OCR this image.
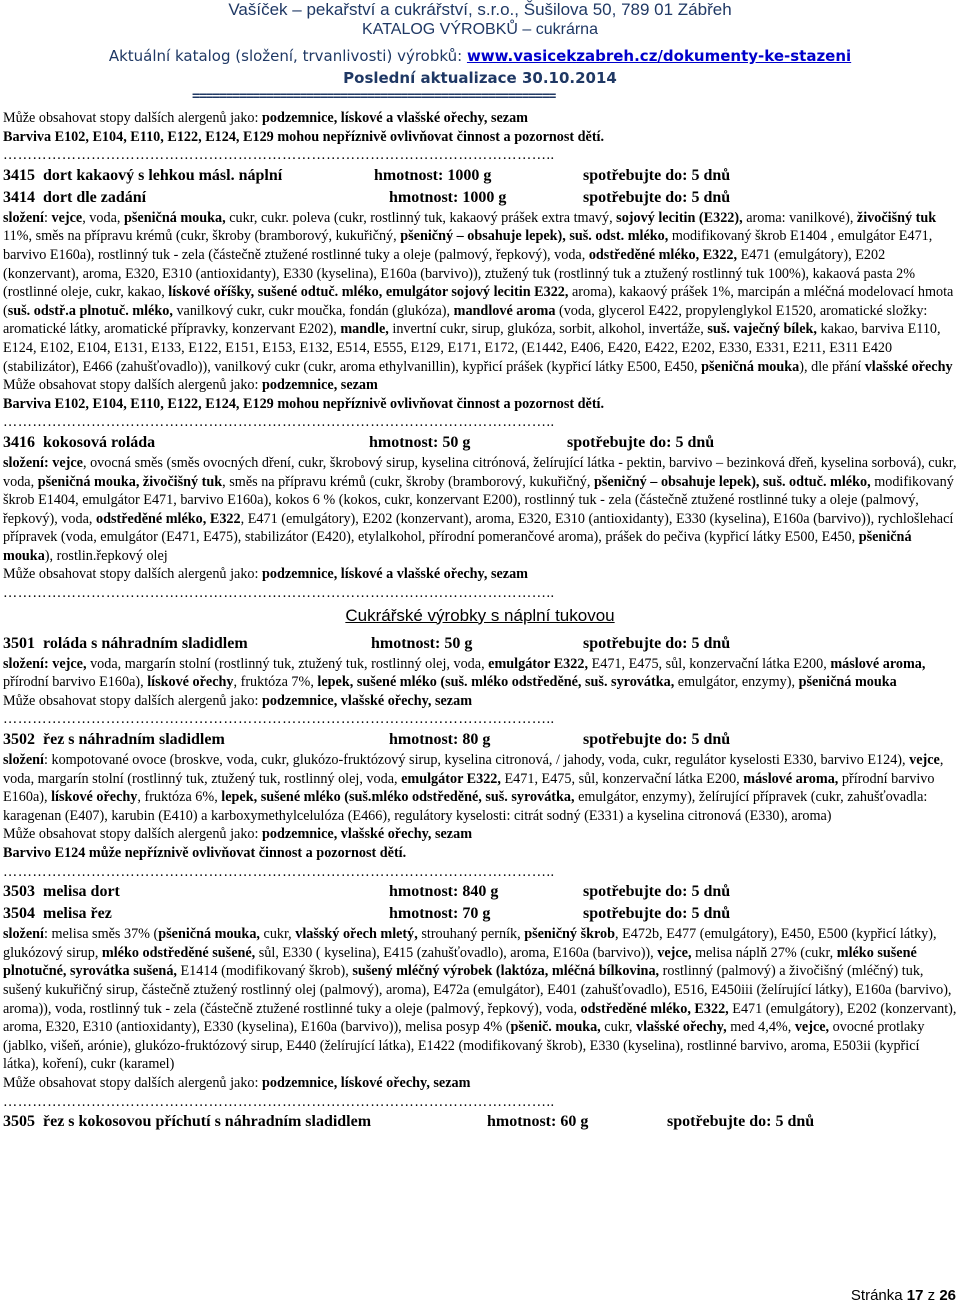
Vašíček – pekařství a cukrářství, s.r.o., Šušilova 50, 789 01 Zábřeh
KATALOG VÝROBKŮ – cukrárna
Aktuální katalog (složení, trvanlivosti) výrobků: www.vasicekzabreh.cz/dokumenty-ke-stazeni
Poslední aktualizace 30.10.2014
======================================================

Může obsahovat stopy dalších alergenů jako: podzemnice, lískové a vlašské ořechy, sezam

Barviva E102, E104, E110, E122, E124, E129 mohou nepříznivě ovlivňovat činnost a pozornost dětí.

…………………………………………………………………………………………………..
3415 dort kakaový s lehkou másl. náplní	hmotnost: 1000 g	spotřebujte do: 5 dnů
3414 dort dle zadání	hmotnost: 1000 g	spotřebujte do: 5 dnů

složení: vejce, voda, pšeničná mouka, cukr, cukr. poleva (cukr, rostlinný tuk, kakaový prášek extra tmavý, sojový lecitin (E322), aroma: vanilkové), živočišný tuk 11%, směs na přípravu krémů (cukr, škroby (bramborový, kukuřičný, pšeničný – obsahuje lepek), suš. odst. mléko, modifikovaný škrob E1404 , emulgátor E471, barvivo E160a), rostlinný tuk - zela (částečně ztužené rostlinné tuky a oleje (palmový, řepkový), voda, odstředěné mléko, E322, E471 (emulgátory), E202 (konzervant), aroma, E320, E310 (antioxidanty), E330 (kyselina), E160a (barvivo)), ztužený tuk (rostlinný tuk a ztužený rostlinný tuk 100%), kakaová pasta 2% (rostlinné oleje, cukr, kakao, lískové oříšky, sušené odtuč. mléko, emulgátor sojový lecitin E322, aroma), kakaový prášek 1%, marcipán a mléčná modelovací hmota (suš. odstř.a plnotuč. mléko, vanilkový cukr, cukr moučka, fondán (glukóza), mandlové aroma (voda, glycerol E422, propylenglykol E1520, aromatické složky: aromatické látky, aromatické přípravky, konzervant E202), mandle, invertní cukr, sirup, glukóza, sorbit, alkohol, invertáže, suš. vaječný bílek, kakao, barviva E110, E124, E102, E104, E131, E133, E122, E151, E153, E132, E514, E555, E129, E171, E172, (E1442, E406, E420, E422, E202, E330, E331, E211, E311 E420 (stabilizátor), E466 (zahušťovadlo)), vanilkový cukr (cukr, aroma ethylvanillin), kypřicí prášek (kypřicí látky E500, E450, pšeničná mouka), dle přání vlašské ořechy

Může obsahovat stopy dalších alergenů jako: podzemnice, sezam

Barviva E102, E104, E110, E122, E124, E129 mohou nepříznivě ovlivňovat činnost a pozornost dětí.

…………………………………………………………………………………………………..
3416 kokosová roláda	hmotnost: 50 g	spotřebujte do: 5 dnů

složení: vejce, ovocná směs (směs ovocných dření, cukr, škrobový sirup, kyselina citrónová, želírující látka - pektin, barvivo – bezinková dřeň, kyselina sorbová), cukr, voda, pšeničná mouka, živočišný tuk, směs na přípravu krémů (cukr, škroby (bramborový, kukuřičný, pšeničný – obsahuje lepek), suš. odtuč. mléko, modifikovaný škrob E1404, emulgátor E471, barvivo E160a), kokos 6 % (kokos, cukr, konzervant E200), rostlinný tuk - zela (částečně ztužené rostlinné tuky a oleje (palmový, řepkový), voda, odstředěné mléko, E322, E471 (emulgátory), E202 (konzervant), aroma, E320, E310 (antioxidanty), E330 (kyselina), E160a (barvivo)), rychlošlehací přípravek (voda, emulgátor (E471, E475), stabilizátor (E420), etylalkohol, přírodní pomerančové aroma), prášek do pečiva (kypřicí látky E500, E450, pšeničná mouka), rostlin.řepkový olej

Může obsahovat stopy dalších alergenů jako: podzemnice, lískové a vlašské ořechy, sezam

…………………………………………………………………………………………………..
Cukrářské výrobky s náplní tukovou
3501 roláda s náhradním sladidlem	hmotnost: 50 g	spotřebujte do: 5 dnů

složení: vejce, voda, margarín stolní (rostlinný tuk, ztužený tuk, rostlinný olej, voda, emulgátor E322, E471, E475, sůl, konzervační látka E200, máslové aroma, přírodní barvivo E160a), lískové ořechy, fruktóza 7%, lepek, sušené mléko (suš. mléko odstředěné, suš. syrovátka, emulgátor, enzymy), pšeničná mouka

Může obsahovat stopy dalších alergenů jako: podzemnice, vlašské ořechy, sezam

…………………………………………………………………………………………………..
3502 řez s náhradním sladidlem	hmotnost: 80 g	spotřebujte do: 5 dnů

složení: kompotované ovoce (broskve, voda, cukr, glukózo-fruktózový sirup, kyselina citronová, / jahody, voda, cukr, regulátor kyselosti E330, barvivo E124), vejce, voda, margarín stolní (rostlinný tuk, ztužený tuk, rostlinný olej, voda, emulgátor E322, E471, E475, sůl, konzervační látka E200, máslové aroma, přírodní barvivo E160a), lískové ořechy, fruktóza 6%, lepek, sušené mléko (suš.mléko odstředěné, suš. syrovátka, emulgátor, enzymy), želírující přípravek (cukr, zahušťovadla: karagenan (E407), karubin (E410) a karboxymethylcelulóza (E466), regulátory kyselosti: citrát sodný (E331) a kyselina citronová (E330), aroma)

Může obsahovat stopy dalších alergenů jako: podzemnice, vlašské ořechy, sezam

Barvivo E124 může nepříznivě ovlivňovat činnost a pozornost dětí.

…………………………………………………………………………………………………..
3503 melisa dort	hmotnost: 840 g	spotřebujte do: 5 dnů
3504 melisa řez	hmotnost: 70 g	spotřebujte do: 5 dnů

složení: melisa směs 37% (pšeničná mouka, cukr, vlašský ořech mletý, strouhaný perník, pšeničný škrob, E472b, E477 (emulgátory), E450, E500 (kypřicí látky), glukózový sirup, mléko odstředěné sušené, sůl, E330 ( kyselina), E415 (zahušťovadlo), aroma, E160a (barvivo)), vejce, melisa náplň 27% (cukr, mléko sušené plnotučné, syrovátka sušená, E1414 (modifikovaný škrob), sušený mléčný výrobek (laktóza, mléčná bílkovina, rostlinný (palmový) a živočišný (mléčný) tuk, sušený kukuřičný sirup, částečně ztužený rostlinný olej (palmový), aroma), E472a (emulgátor), E401 (zahušťovadlo), E516, E450iii (želírující látky), E160a (barvivo), aroma)), voda, rostlinný tuk - zela (částečně ztužené rostlinné tuky a oleje (palmový, řepkový), voda, odstředěné mléko, E322, E471 (emulgátory), E202 (konzervant), aroma, E320, E310 (antioxidanty), E330 (kyselina), E160a (barvivo)), melisa posyp 4% (pšenič. mouka, cukr, vlašské ořechy, med 4,4%, vejce, ovocné protlaky (jablko, višeň, arónie), glukózo-fruktózový sirup, E440 (želírující látka), E1422 (modifikovaný škrob), E330 (kyselina), rostlinné barvivo, aroma, E503ii (kypřicí látka), koření), cukr (karamel)

Může obsahovat stopy dalších alergenů jako: podzemnice, lískové ořechy, sezam

…………………………………………………………………………………………………..
3505 řez s kokosovou příchutí s náhradním sladidlem	hmotnost: 60 g	spotřebujte do: 5 dnů
Stránka 17 z 26
